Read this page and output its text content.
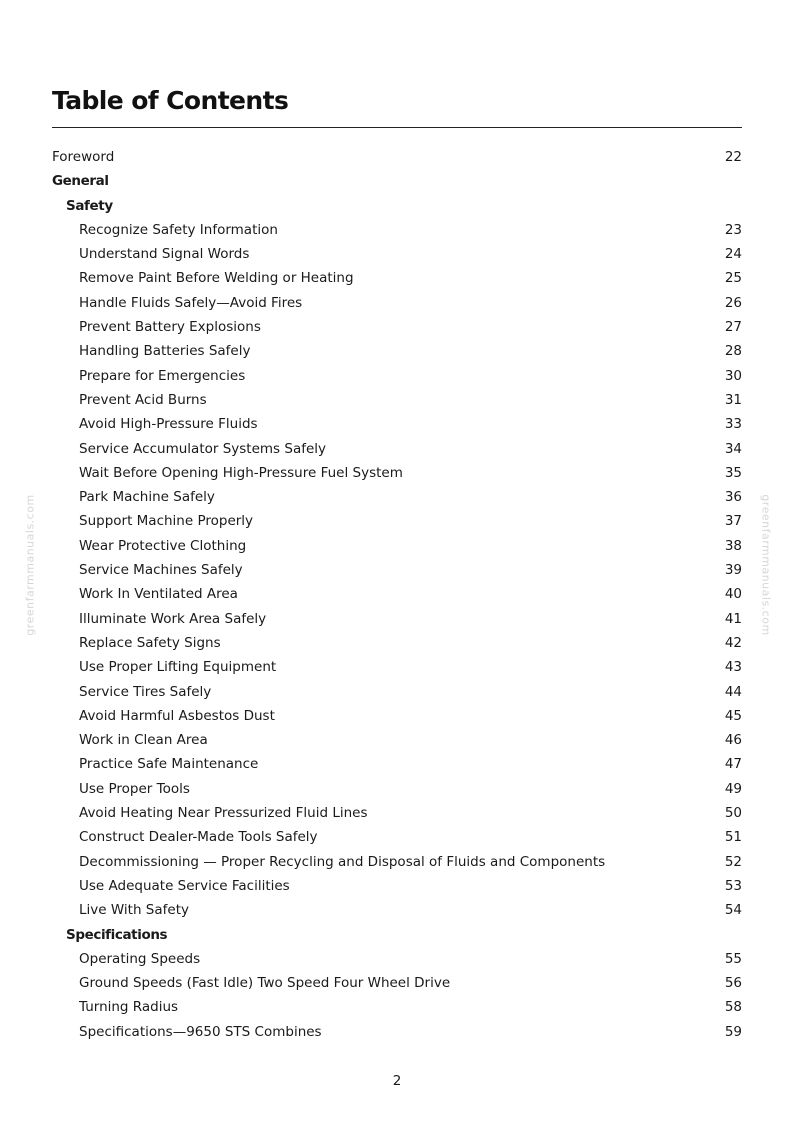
Table of Contents
Foreword	22
General
Safety
Recognize Safety Information	23
Understand Signal Words	24
Remove Paint Before Welding or Heating	25
Handle Fluids Safely—Avoid Fires	26
Prevent Battery Explosions	27
Handling Batteries Safely	28
Prepare for Emergencies	30
Prevent Acid Burns	31
Avoid High-Pressure Fluids	33
Service Accumulator Systems Safely	34
Wait Before Opening High-Pressure Fuel System	35
Park Machine Safely	36
Support Machine Properly	37
Wear Protective Clothing	38
Service Machines Safely	39
Work In Ventilated Area	40
Illuminate Work Area Safely	41
Replace Safety Signs	42
Use Proper Lifting Equipment	43
Service Tires Safely	44
Avoid Harmful Asbestos Dust	45
Work in Clean Area	46
Practice Safe Maintenance	47
Use Proper Tools	49
Avoid Heating Near Pressurized Fluid Lines	50
Construct Dealer-Made Tools Safely	51
Decommissioning — Proper Recycling and Disposal of Fluids and Components	52
Use Adequate Service Facilities	53
Live With Safety	54
Specifications
Operating Speeds	55
Ground Speeds (Fast Idle) Two Speed Four Wheel Drive	56
Turning Radius	58
Specifications—9650 STS Combines	59
greenfarmmanuals.com	greenfarmmanuals.com
2
